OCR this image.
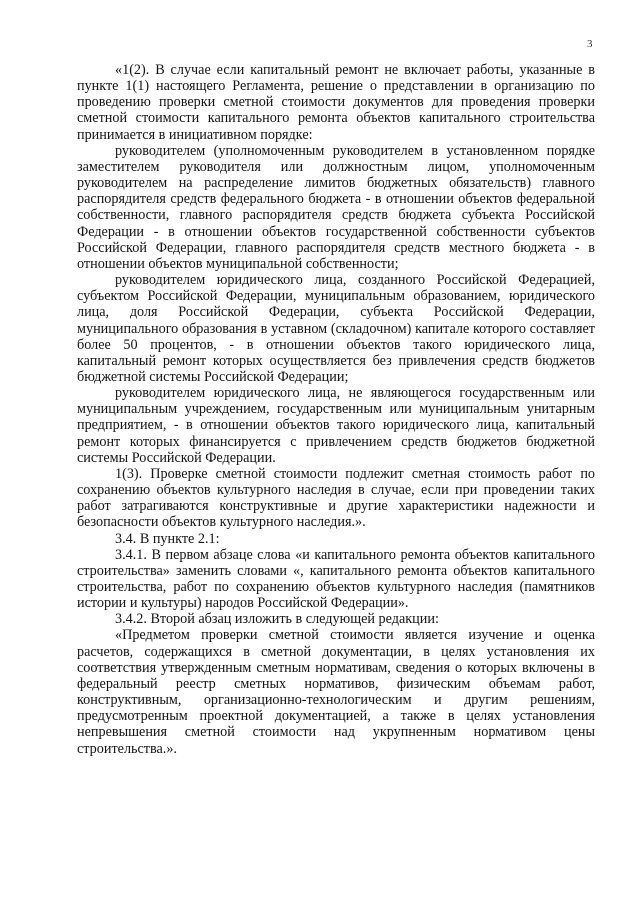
3

«1(2). В случае если капитальный ремонт не включает работы, указанные в пункте 1(1) настоящего Регламента, решение о представлении в организацию по проведению проверки сметной стоимости документов для проведения проверки сметной стоимости капитального ремонта объектов капитального строительства принимается в инициативном порядке:

руководителем (уполномоченным руководителем в установленном порядке заместителем руководителя или должностным лицом, уполномоченным руководителем на распределение лимитов бюджетных обязательств) главного распорядителя средств федерального бюджета - в отношении объектов федеральной собственности, главного распорядителя средств бюджета субъекта Российской Федерации - в отношении объектов государственной собственности субъектов Российской Федерации, главного распорядителя средств местного бюджета - в отношении объектов муниципальной собственности;

руководителем юридического лица, созданного Российской Федерацией, субъектом Российской Федерации, муниципальным образованием, юридического лица, доля Российской Федерации, субъекта Российской Федерации, муниципального образования в уставном (складочном) капитале которого составляет более 50 процентов, - в отношении объектов такого юридического лица, капитальный ремонт которых осуществляется без привлечения средств бюджетов бюджетной системы Российской Федерации;

руководителем юридического лица, не являющегося государственным или муниципальным учреждением, государственным или муниципальным унитарным предприятием, - в отношении объектов такого юридического лица, капитальный ремонт которых финансируется с привлечением средств бюджетов бюджетной системы Российской Федерации.

1(3). Проверке сметной стоимости подлежит сметная стоимость работ по сохранению объектов культурного наследия в случае, если при проведении таких работ затрагиваются конструктивные и другие характеристики надежности и безопасности объектов культурного наследия.».

3.4. В пункте 2.1:

3.4.1. В первом абзаце слова «и капитального ремонта объектов капитального строительства» заменить словами «, капитального ремонта объектов капитального строительства, работ по сохранению объектов культурного наследия (памятников истории и культуры) народов Российской Федерации».

3.4.2. Второй абзац изложить в следующей редакции:

«Предметом проверки сметной стоимости является изучение и оценка расчетов, содержащихся в сметной документации, в целях установления их соответствия утвержденным сметным нормативам, сведения о которых включены в федеральный реестр сметных нормативов, физическим объемам работ, конструктивным, организационно-технологическим и другим решениям, предусмотренным проектной документацией, а также в целях установления непревышения сметной стоимости над укрупненным нормативом цены строительства.».
